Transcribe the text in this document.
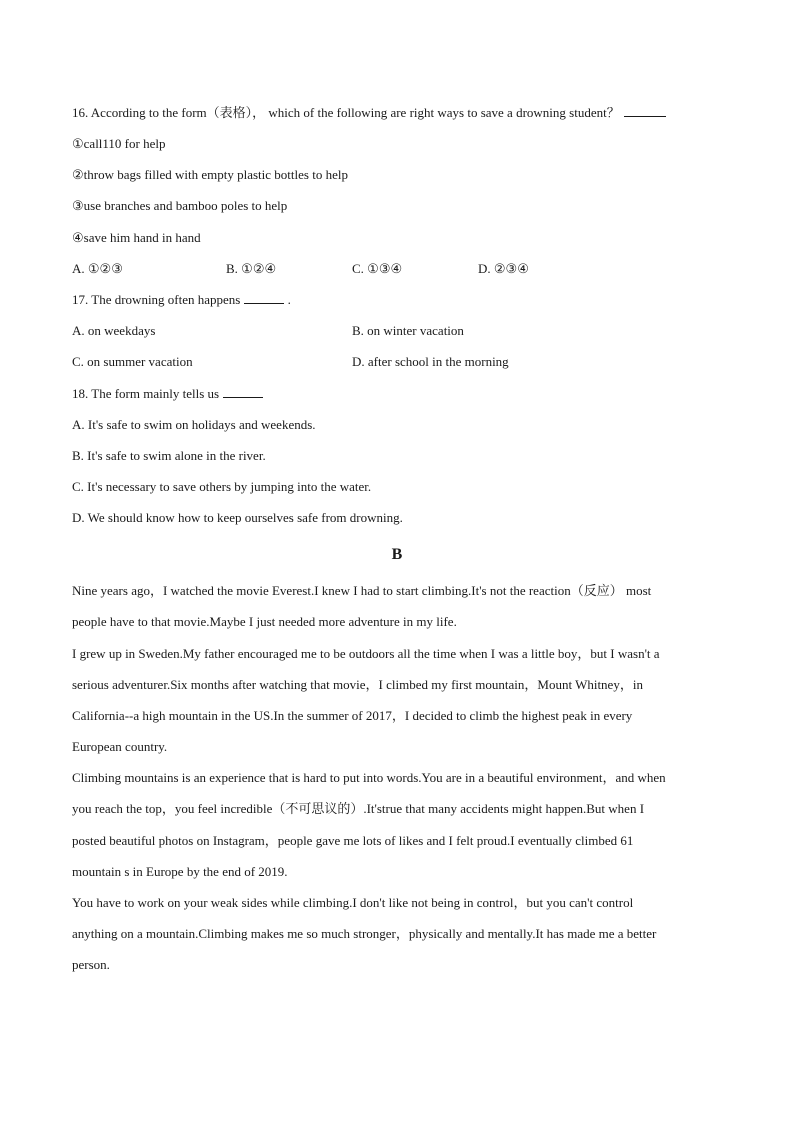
16. According to the form（表格）， which of the following are right ways to save a drowning student？
①call110 for help
②throw bags filled with empty plastic bottles to help
③use branches and bamboo poles to help
④save him hand in hand
A. ①②③	B. ①②④	C. ①③④	D. ②③④
17. The drowning often happens	.
A. on weekdays	B. on winter vacation
C. on summer vacation	D. after school in the morning
18. The form mainly tells us
A. It's safe to swim on holidays and weekends.
B. It's safe to swim alone in the river.
C. It's necessary to save others by jumping into the water.
D. We should know how to keep ourselves safe from drowning.
B
Nine years ago，I watched the movie Everest.I knew I had to start climbing.It's not the reaction（反应） most
people have to that movie.Maybe I just needed more adventure in my life.
I grew up in Sweden.My father encouraged me to be outdoors all the time when I was a little boy，but I wasn't a
serious adventurer.Six months after watching that movie，I climbed my first mountain，Mount Whitney，in
California--a high mountain in the US.In the summer of 2017，I decided to climb the highest peak in every
European country.
Climbing mountains is an experience that is hard to put into words.You are in a beautiful environment，and when
you reach the top，you feel incredible（不可思议的）.It'strue that many accidents might happen.But when I
posted beautiful photos on Instagram，people gave me lots of likes and I felt proud.I eventually climbed 61
mountain s in Europe by the end of 2019.
You have to work on your weak sides while climbing.I don't like not being in control，but you can't control
anything on a mountain.Climbing makes me so much stronger，physically and mentally.It has made me a better
person.
